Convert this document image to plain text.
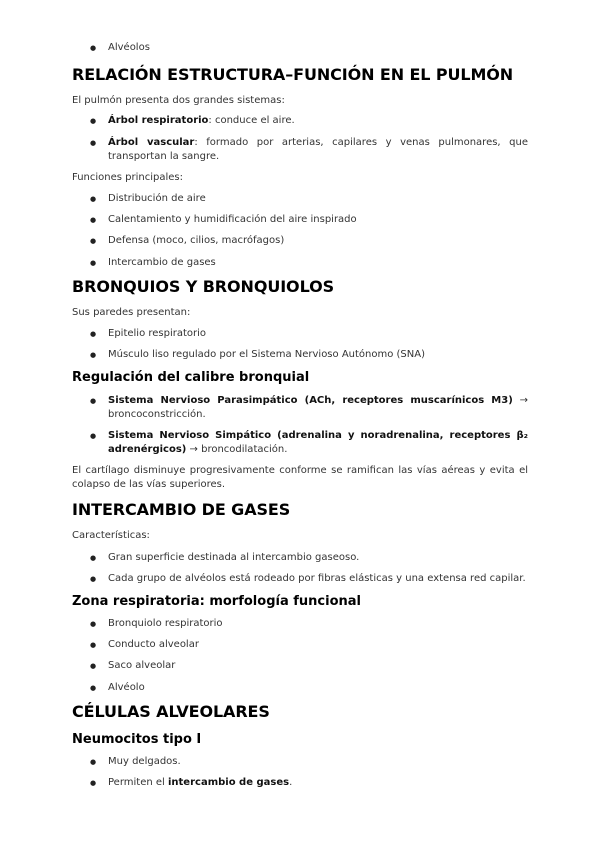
● Alvéolos
RELACIÓN ESTRUCTURA–FUNCIÓN EN EL PULMÓN

El pulmón presenta dos grandes sistemas:

● Árbol respiratorio: conduce el aire.
● Árbol vascular: formado por arterias, capilares y venas pulmonares, que transportan la sangre.

Funciones principales:

● Distribución de aire
● Calentamiento y humidificación del aire inspirado
● Defensa (moco, cilios, macrófagos)
● Intercambio de gases
BRONQUIOS Y BRONQUIOLOS

Sus paredes presentan:

● Epitelio respiratorio
● Músculo liso regulado por el Sistema Nervioso Autónomo (SNA)
Regulación del calibre bronquial
● Sistema Nervioso Parasimpático (ACh, receptores muscarínicos M3) → broncoconstricción.
● Sistema Nervioso Simpático (adrenalina y noradrenalina, receptores β₂ adrenérgicos) → broncodilatación.

El cartílago disminuye progresivamente conforme se ramifican las vías aéreas y evita el colapso de las vías superiores.

INTERCAMBIO DE GASES

Características:

● Gran superficie destinada al intercambio gaseoso.
● Cada grupo de alvéolos está rodeado por fibras elásticas y una extensa red capilar.
Zona respiratoria: morfología funcional
● Bronquiolo respiratorio
● Conducto alveolar
● Saco alveolar
● Alvéolo
CÉLULAS ALVEOLARES
Neumocitos tipo I
● Muy delgados.
● Permiten el intercambio de gases.
